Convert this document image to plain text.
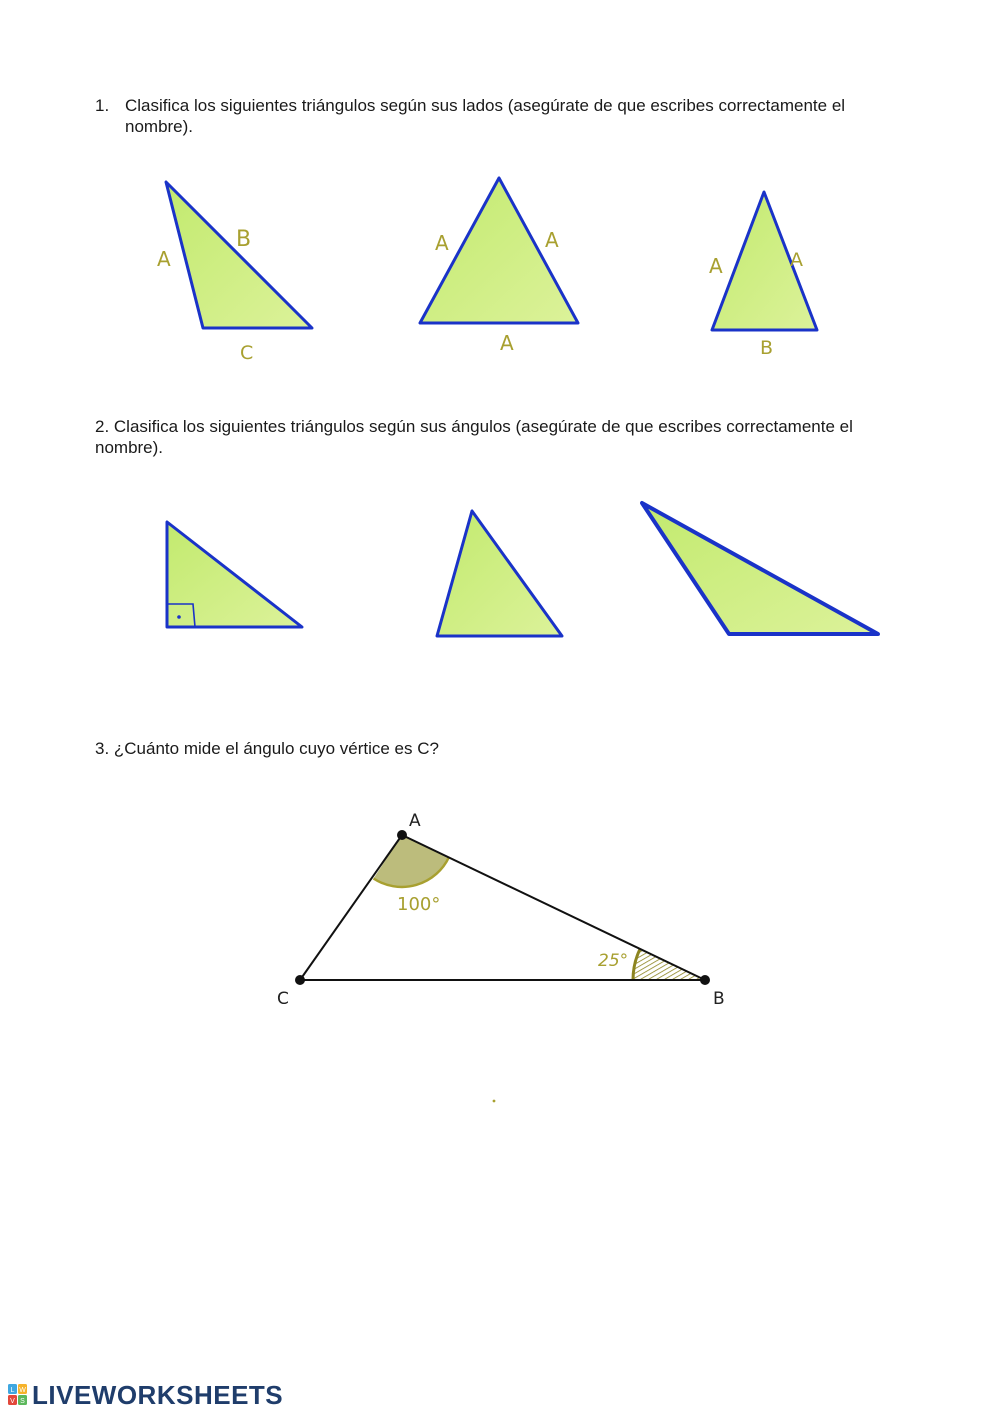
1. Clasifica los siguientes triángulos según sus lados (asegúrate de que escribes correctamente el nombre).

2. Clasifica los siguientes triángulos según sus ángulos (asegúrate de que escribes correctamente el nombre).

3. ¿Cuánto mide el ángulo cuyo vértice es C?

A
B
C
A	A
A
A	A
B
A
B
C
100°
25°
L W
V S LIVEWORKSHEETS
